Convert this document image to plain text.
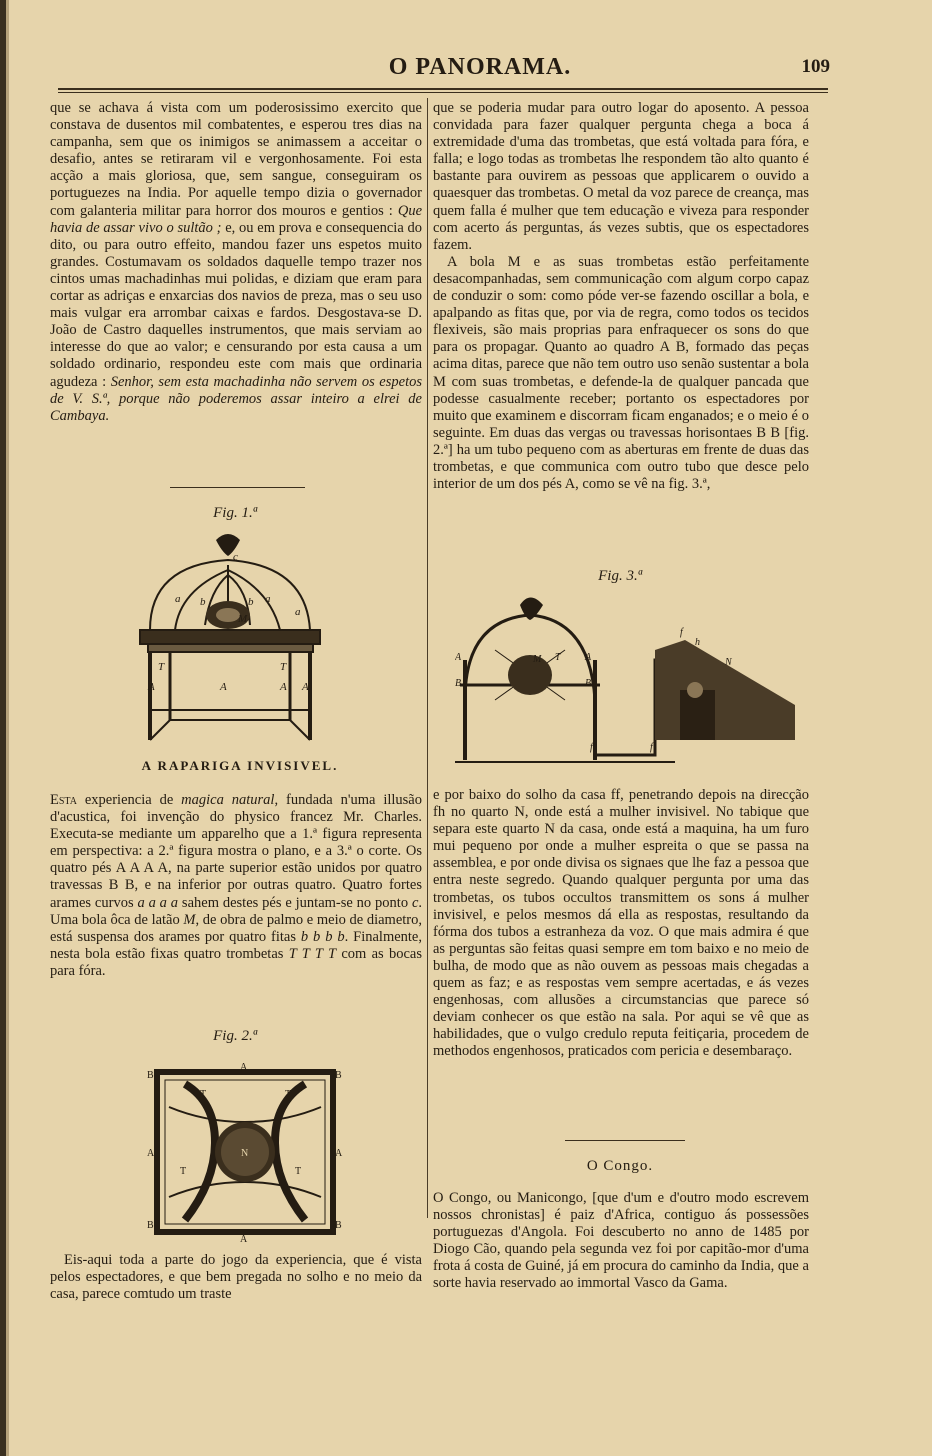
O PANORAMA.	109

que se achava á vista com um poderosissimo exercito que constava de dusentos mil combatentes, e esperou tres dias na campanha, sem que os inimigos se animassem a acceitar o desafio, antes se retiraram vil e vergonhosamente. Foi esta acção a mais gloriosa, que, sem sangue, conseguiram os portuguezes na India. Por aquelle tempo dizia o governador com galanteria militar para horror dos mouros e gentios : Que havia de assar vivo o sultão ; e, ou em prova e consequencia do dito, ou para outro effeito, mandou fazer uns espetos muito grandes. Costumavam os soldados daquelle tempo trazer nos cintos umas machadinhas mui polidas, e diziam que eram para cortar as adriças e enxarcias dos navios de preza, mas o seu uso mais vulgar era arrombar caixas e fardos. Desgostava-se D. João de Castro daquelles instrumentos, que mais serviam ao interesse do que ao valor; e censurando por esta causa a um soldado ordinario, respondeu este com mais que ordinaria agudeza : Senhor, sem esta machadinha não servem os espetos de V. S.ª, porque não poderemos assar inteiro a elrei de Cambaya.

Fig. 1.ª
c
a	a
b	b
a
M
T	T
A	A	A A
A RAPARIGA INVISIVEL.

Esta experiencia de magica natural, fundada n'uma illusão d'acustica, foi invenção do physico francez Mr. Charles. Executa-se mediante um apparelho que a 1.ª figura representa em perspectiva: a 2.ª figura mostra o plano, e a 3.ª o corte. Os quatro pés A A A A, na parte superior estão unidos por quatro travessas B B, e na inferior por outras quatro. Quatro fortes arames curvos a a a a sahem destes pés e juntam-se no ponto c. Uma bola ôca de latão M, de obra de palmo e meio de diametro, está suspensa dos arames por quatro fitas b b b b. Finalmente, nesta bola estão fixas quatro trombetas T T T T com as bocas para fóra.

Fig. 2.ª
A
B	B
T	T
A	A
N
T	T
B	B
A

Eis-aqui toda a parte do jogo da experiencia, que é vista pelos espectadores, e que bem pregada no solho e no meio da casa, parece comtudo um traste

que se poderia mudar para outro logar do aposento. A pessoa convidada para fazer qualquer pergunta chega a boca á extremidade d'uma das trombetas, que está voltada para fóra, e falla; e logo todas as trombetas lhe respondem tão alto quanto é bastante para ouvirem as pessoas que applicarem o ouvido a quaesquer das trombetas. O metal da voz parece de creança, mas quem falla é mulher que tem educação e viveza para responder com acerto ás perguntas, ás vezes subtis, que os espectadores fazem.

A bola M e as suas trombetas estão perfeitamente desacompanhadas, sem communicação com algum corpo capaz de conduzir o som: como póde ver-se fazendo oscillar a bola, e apalpando as fitas que, por via de regra, como todos os tecidos flexiveis, são mais proprias para enfraquecer os sons do que para os propagar. Quanto ao quadro A B, formado das peças acima ditas, parece que não tem outro uso senão sustentar a bola M com suas trombetas, e defende-la de qualquer pancada que podesse casualmente receber; portanto os espectadores por muito que examinem e discorram ficam enganados; e o meio é o seguinte. Em duas das vergas ou travessas horisontaes B B [fig. 2.ª] ha um tubo pequeno com as aberturas em frente de duas das trombetas, e que communica com outro tubo que desce pelo interior de um dos pés A, como se vê na fig. 3.ª,

Fig. 3.ª
M T
A
B
A
B
f
f
h
N
f

e por baixo do solho da casa ff, penetrando depois na direcção fh no quarto N, onde está a mulher invisivel. No tabique que separa este quarto N da casa, onde está a maquina, ha um furo mui pequeno por onde a mulher espreita o que se passa na assemblea, e por onde divisa os signaes que lhe faz a pessoa que entra neste segredo. Quando qualquer pergunta por uma das trombetas, os tubos occultos transmittem os sons á mulher invisivel, e pelos mesmos dá ella as respostas, resultando da fórma dos tubos a estranheza da voz. O que mais admira é que as perguntas são feitas quasi sempre em tom baixo e no meio de bulha, de modo que as não ouvem as pessoas mais chegadas a quem as faz; e as respostas vem sempre acertadas, e ás vezes engenhosas, com allusões a circumstancias que parece só deviam conhecer os que estão na sala. Por aqui se vê que as habilidades, que o vulgo credulo reputa feitiçaria, procedem de methodos engenhosos, praticados com pericia e desembaraço.

O Congo.

O Congo, ou Manicongo, [que d'um e d'outro modo escrevem nossos chronistas] é paiz d'Africa, contiguo ás possessões portuguezas d'Angola. Foi descuberto no anno de 1485 por Diogo Cão, quando pela segunda vez foi por capitão-mor d'uma frota á costa de Guiné, já em procura do caminho da India, que a sorte havia reservado ao immortal Vasco da Gama.
